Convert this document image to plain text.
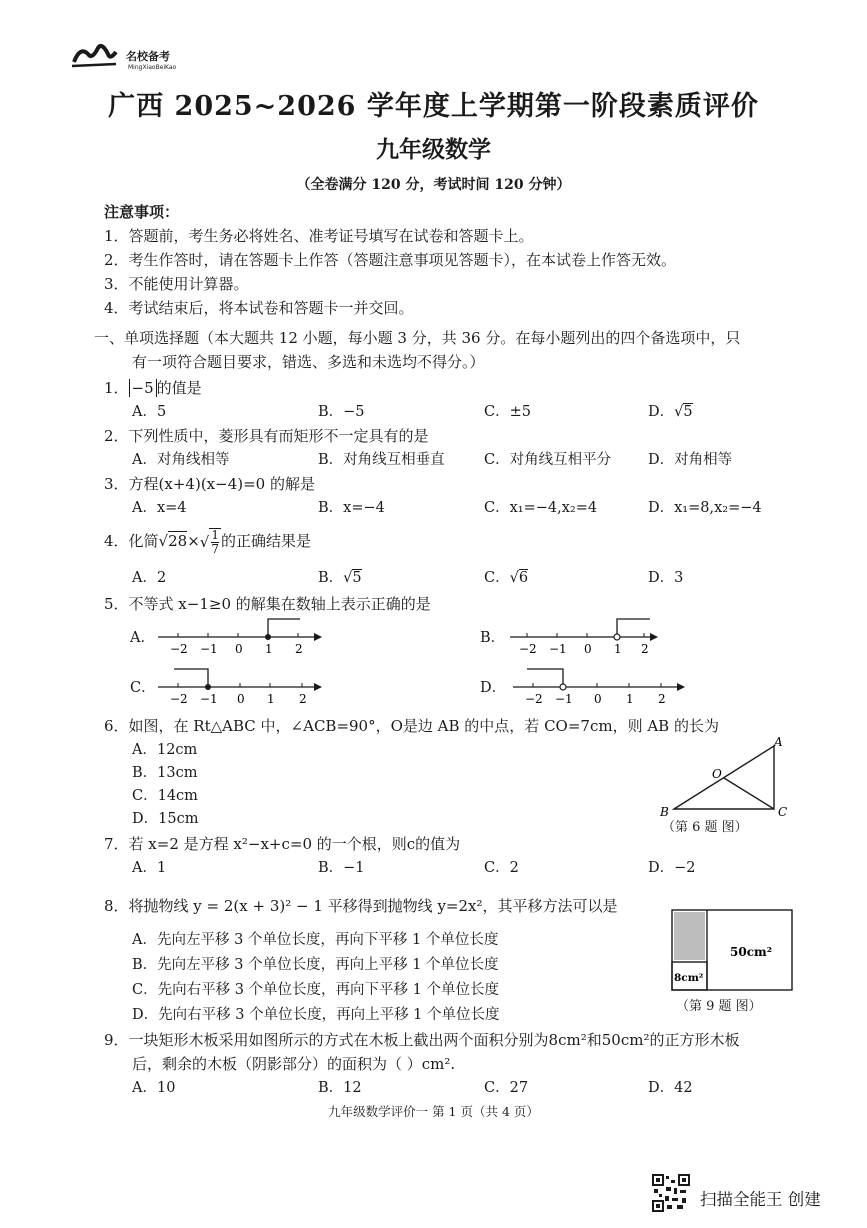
名校备考
MingXiaoBeiKao
广西 2025~2026 学年度上学期第一阶段素质评价
九年级数学
（全卷满分 120 分，考试时间 120 分钟）
注意事项：
1．答题前，考生务必将姓名、准考证号填写在试卷和答题卡上。
2．考生作答时，请在答题卡上作答（答题注意事项见答题卡），在本试卷上作答无效。
3．不能使用计算器。
4．考试结束后，将本试卷和答题卡一并交回。
一、单项选择题（本大题共 12 小题，每小题 3 分，共 36 分。在每小题列出的四个备选项中，只
有一项符合题目要求，错选、多选和未选均不得分。）
1． −5 的值是
A．5	B．−5	C．±5	D．√5
2．下列性质中，菱形具有而矩形不一定具有的是
A．对角线相等	B．对角线互相垂直	C．对角线互相平分	D．对角相等
3．方程(x+4)(x−4)=0 的解是
A．x=4	B．x=−4	C．x₁=−4,x₂=4	D．x₁=8,x₂=−4
4．化简$√28\times√ \frac{1}{7}$ 的正确结果是
A．2	B．√5	C．√6	D．3
5．不等式 x−1≥0 的解集在数轴上表示正确的是
A．	B．
C．	D．
−2 −1 0 1 2	−2 −1 0 1 2
−2 −1 0 1 2	−2 −1 0 1 2
6．如图，在 Rt△ABC 中，∠ACB=90°，O是边 AB 的中点，若 CO=7cm，则 AB 的长为
A．12cm
B．13cm
C．14cm
D．15cm
A
O
B	C
（第 6 题 图）
7．若 x=2 是方程 x²−x+c=0 的一个根，则c的值为
A．1	B．−1	C．2	D．−2
8．将抛物线 y = 2(x + 3)² − 1 平移得到抛物线 y=2x²，其平移方法可以是
A．先向左平移 3 个单位长度，再向下平移 1 个单位长度
B．先向左平移 3 个单位长度，再向上平移 1 个单位长度
C．先向右平移 3 个单位长度，再向下平移 1 个单位长度
D．先向右平移 3 个单位长度，再向上平移 1 个单位长度
50cm²
8cm²
（第 9 题 图）
9．一块矩形木板采用如图所示的方式在木板上截出两个面积分别为8cm²和50cm²的正方形木板
后，剩余的木板（阴影部分）的面积为（ ）cm².
A．10	B．12	C．27	D．42
九年级数学评价一 第 1 页（共 4 页）
扫描全能王 创建
